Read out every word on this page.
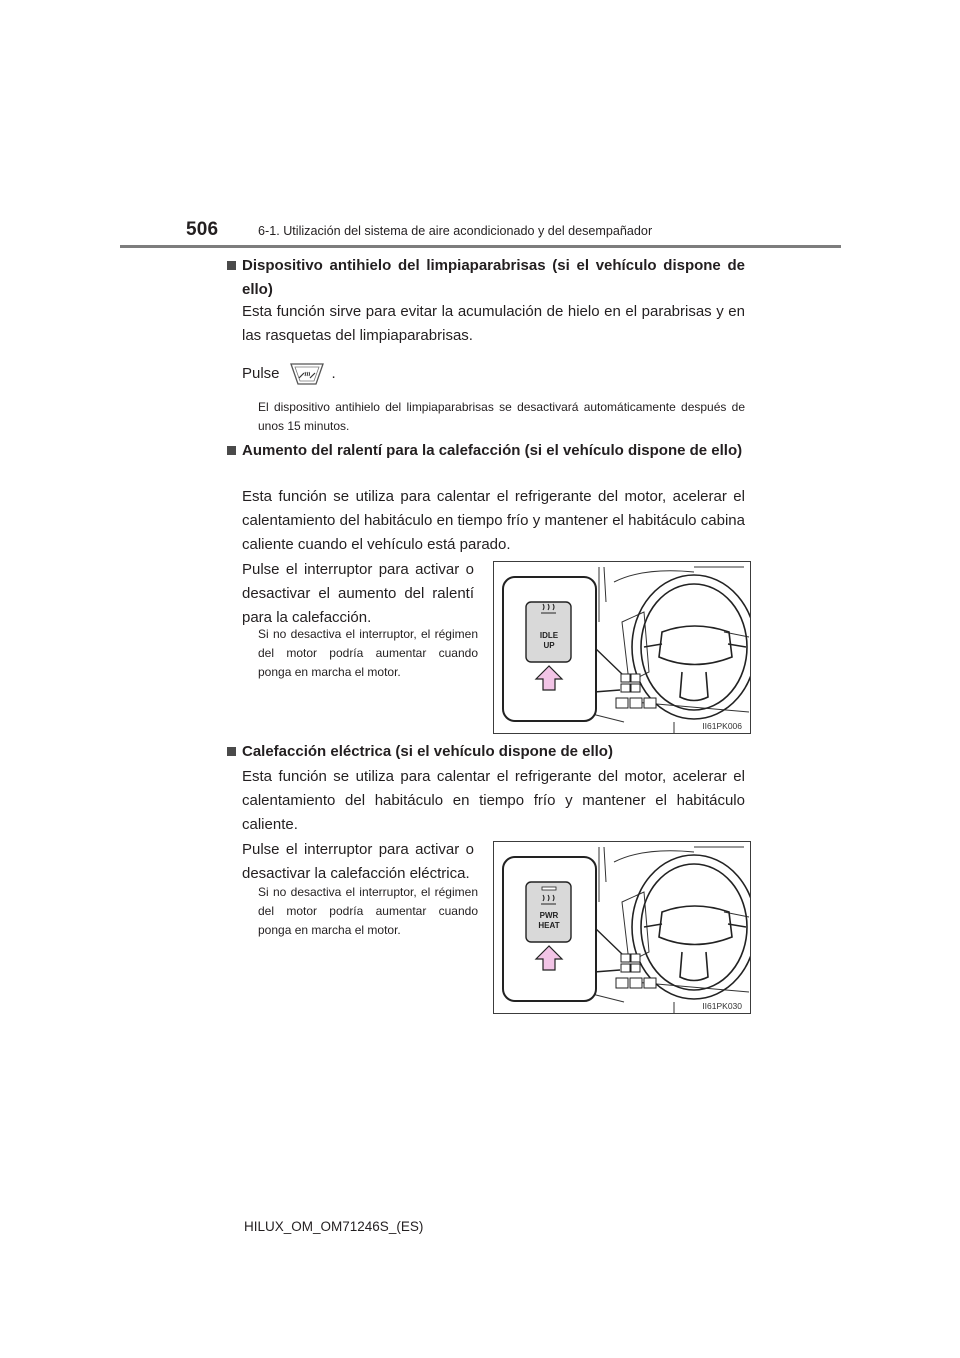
506	6-1. Utilización del sistema de aire acondicionado y del desempañador
Dispositivo antihielo del limpiaparabrisas (si el vehículo dispone de ello)
Esta función sirve para evitar la acumulación de hielo en el parabrisas y en las rasquetas del limpiaparabrisas.
Pulse	.
El dispositivo antihielo del limpiaparabrisas se desactivará automáticamente después de unos 15 minutos.
Aumento del ralentí para la calefacción (si el vehículo dispone de ello)
Esta función se utiliza para calentar el refrigerante del motor, acelerar el calentamiento del habitáculo en tiempo frío y mantener el habitáculo cabina caliente cuando el vehículo está parado.
Pulse el interruptor para activar o desactivar el aumento del ralentí para la calefacción.
Si no desactiva el interruptor, el régimen del motor podría aumentar cuando ponga en marcha el motor.
IDLE
UP
II61PK006
Calefacción eléctrica (si el vehículo dispone de ello)
Esta función se utiliza para calentar el refrigerante del motor, acelerar el calentamiento del habitáculo en tiempo frío y mantener el habitáculo caliente.
Pulse el interruptor para activar o desactivar la calefacción eléctrica.
Si no desactiva el interruptor, el régimen del motor podría aumentar cuando ponga en marcha el motor.
PWR
HEAT
II61PK030
HILUX_OM_OM71246S_(ES)
